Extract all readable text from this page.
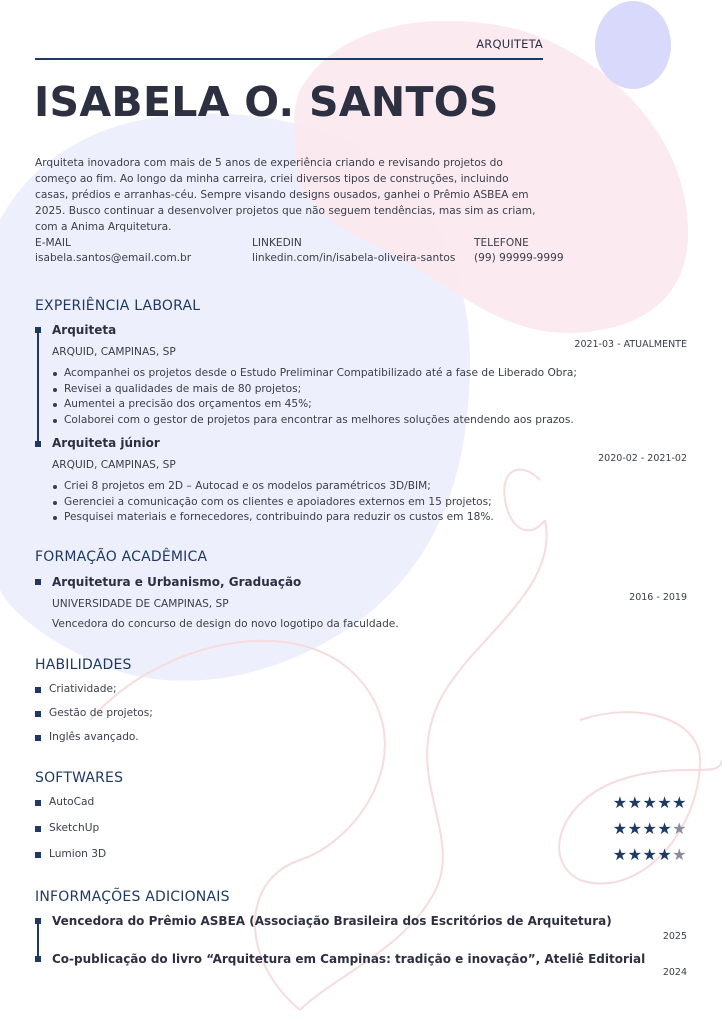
ARQUITETA
ISABELA O. SANTOS

Arquiteta inovadora com mais de 5 anos de experiência criando e revisando projetos do começo ao fim. Ao longo da minha carreira, criei diversos tipos de construções, incluindo casas, prédios e arranhas-céu. Sempre visando designs ousados, ganhei o Prêmio ASBEA em 2025. Busco continuar a desenvolver projetos que não seguem tendências, mas sim as criam, com a Anima Arquitetura.

E-MAIL
isabela.santos@email.com.br
LINKEDIN
linkedin.com/in/isabela-oliveira-santos
TELEFONE
(99) 99999-9999
EXPERIÊNCIA LABORAL
Arquiteta
2021-03 - ATUALMENTE
ARQUID, CAMPINAS, SP
Acompanhei os projetos desde o Estudo Preliminar Compatibilizado até a fase de Liberado Obra;
Revisei a qualidades de mais de 80 projetos;
Aumentei a precisão dos orçamentos em 45%;
Colaborei com o gestor de projetos para encontrar as melhores soluções atendendo aos prazos.
Arquiteta júnior
2020-02 - 2021-02
ARQUID, CAMPINAS, SP
Criei 8 projetos em 2D – Autocad e os modelos paramétricos 3D/BIM;
Gerenciei a comunicação com os clientes e apoiadores externos em 15 projetos;
Pesquisei materiais e fornecedores, contribuindo para reduzir os custos em 18%.
FORMAÇÃO ACADÊMICA
Arquitetura e Urbanismo, Graduação
2016 - 2019
UNIVERSIDADE DE CAMPINAS, SP
Vencedora do concurso de design do novo logotipo da faculdade.
HABILIDADES
Criatividade;
Gestão de projetos;
Inglês avançado.
SOFTWARES
AutoCad	★★★★★
SketchUp	★★★★★
Lumion 3D	★★★★★
INFORMAÇÕES ADICIONAIS
Vencedora do Prêmio ASBEA (Associação Brasileira dos Escritórios de Arquitetura)
2025
Co-publicação do livro “Arquitetura em Campinas: tradição e inovação”, Ateliê Editorial
2024
